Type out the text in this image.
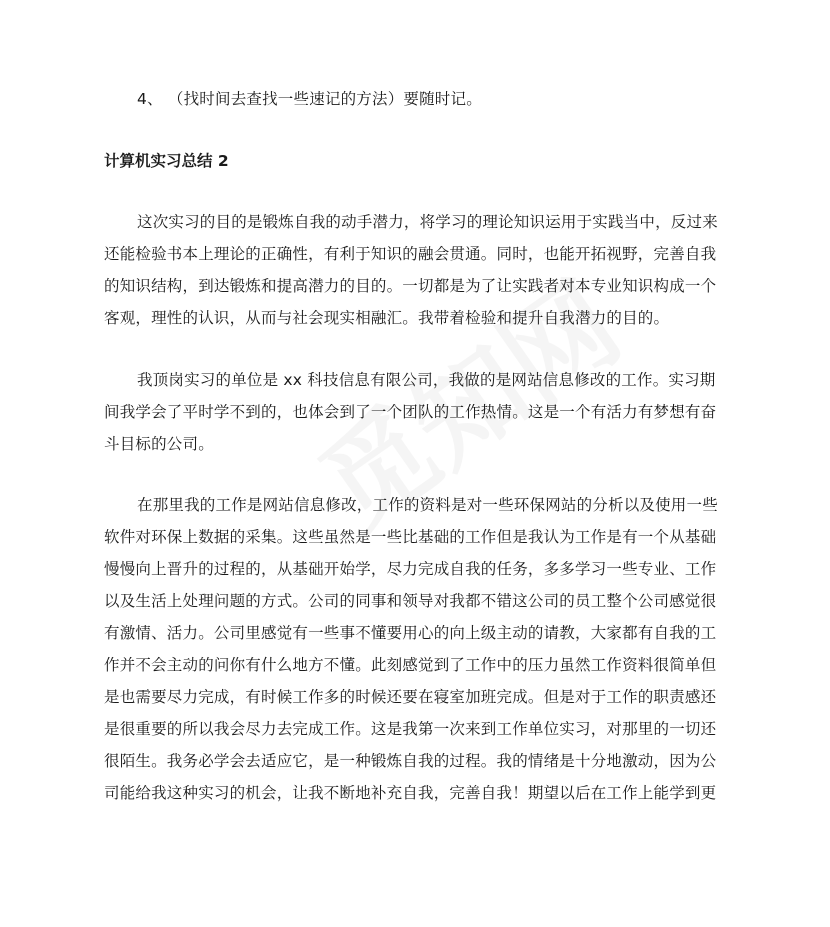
4、 （找时间去查找一些速记的方法）要随时记。
计算机实习总结 2
这次实习的目的是锻炼自我的动手潜力，将学习的理论知识运用于实践当中，反过来
还能检验书本上理论的正确性，有利于知识的融会贯通。同时，也能开拓视野，完善自我
的知识结构，到达锻炼和提高潜力的目的。一切都是为了让实践者对本专业知识构成一个
客观，理性的认识，从而与社会现实相融汇。我带着检验和提升自我潜力的目的。
我顶岗实习的单位是 xx 科技信息有限公司，我做的是网站信息修改的工作。实习期
间我学会了平时学不到的，也体会到了一个团队的工作热情。这是一个有活力有梦想有奋
斗目标的公司。
在那里我的工作是网站信息修改，工作的资料是对一些环保网站的分析以及使用一些
软件对环保上数据的采集。这些虽然是一些比基础的工作但是我认为工作是有一个从基础
慢慢向上晋升的过程的，从基础开始学，尽力完成自我的任务，多多学习一些专业、工作
以及生活上处理问题的方式。公司的同事和领导对我都不错这公司的员工整个公司感觉很
有激情、活力。公司里感觉有一些事不懂要用心的向上级主动的请教，大家都有自我的工
作并不会主动的问你有什么地方不懂。此刻感觉到了工作中的压力虽然工作资料很简单但
是也需要尽力完成，有时候工作多的时候还要在寝室加班完成。但是对于工作的职责感还
是很重要的所以我会尽力去完成工作。这是我第一次来到工作单位实习，对那里的一切还
很陌生。我务必学会去适应它，是一种锻炼自我的过程。我的情绪是十分地激动，因为公
司能给我这种实习的机会，让我不断地补充自我，完善自我！期望以后在工作上能学到更
